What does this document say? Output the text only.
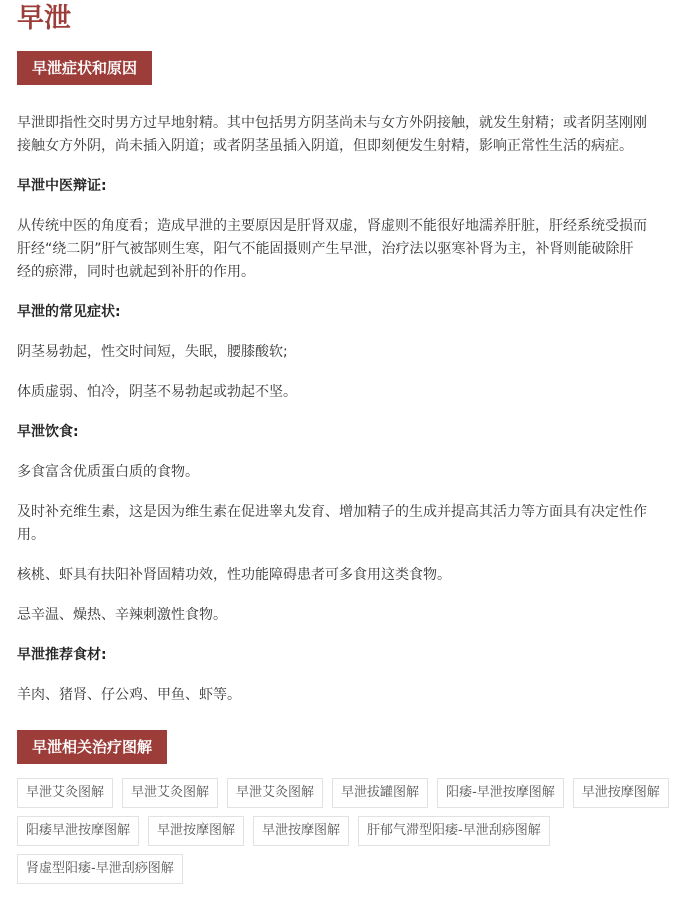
早泄
早泄症状和原因

早泄即指性交时男方过早地射精。其中包括男方阴茎尚未与女方外阴接触，就发生射精；或者阴茎刚刚接触女方外阴，尚未插入阴道；或者阴茎虽插入阴道，但即刻便发生射精，影响正常性生活的病症。

早泄中医辩证:

从传统中医的角度看；造成早泄的主要原因是肝肾双虚，肾虚则不能很好地濡养肝脏，肝经系统受损而肝经“绕二阴”肝气被郜则生寒，阳气不能固摄则产生早泄，治疗法以驱寒补肾为主，补肾则能破除肝经的瘀滞，同时也就起到补肝的作用。

早泄的常见症状:

阴茎易勃起，性交时间短，失眠，腰膝酸软;

体质虚弱、怕冷，阴茎不易勃起或勃起不坚。

早泄饮食:

多食富含优质蛋白质的食物。

及时补充维生素，这是因为维生素在促进睾丸发育、增加精子的生成并提高其活力等方面具有决定性作用。

核桃、虾具有扶阳补肾固精功效，性功能障碍患者可多食用这类食物。

忌辛温、燥热、辛辣刺激性食物。

早泄推荐食材:

羊肉、猪肾、仔公鸡、甲鱼、虾等。

早泄相关治疗图解
早泄艾灸图解	早泄艾灸图解	早泄艾灸图解	早泄拔罐图解	阳痿-早泄按摩图解	早泄按摩图解
阳痿早泄按摩图解	早泄按摩图解	早泄按摩图解	肝郁气滞型阳痿-早泄刮痧图解
肾虚型阳痿-早泄刮痧图解
